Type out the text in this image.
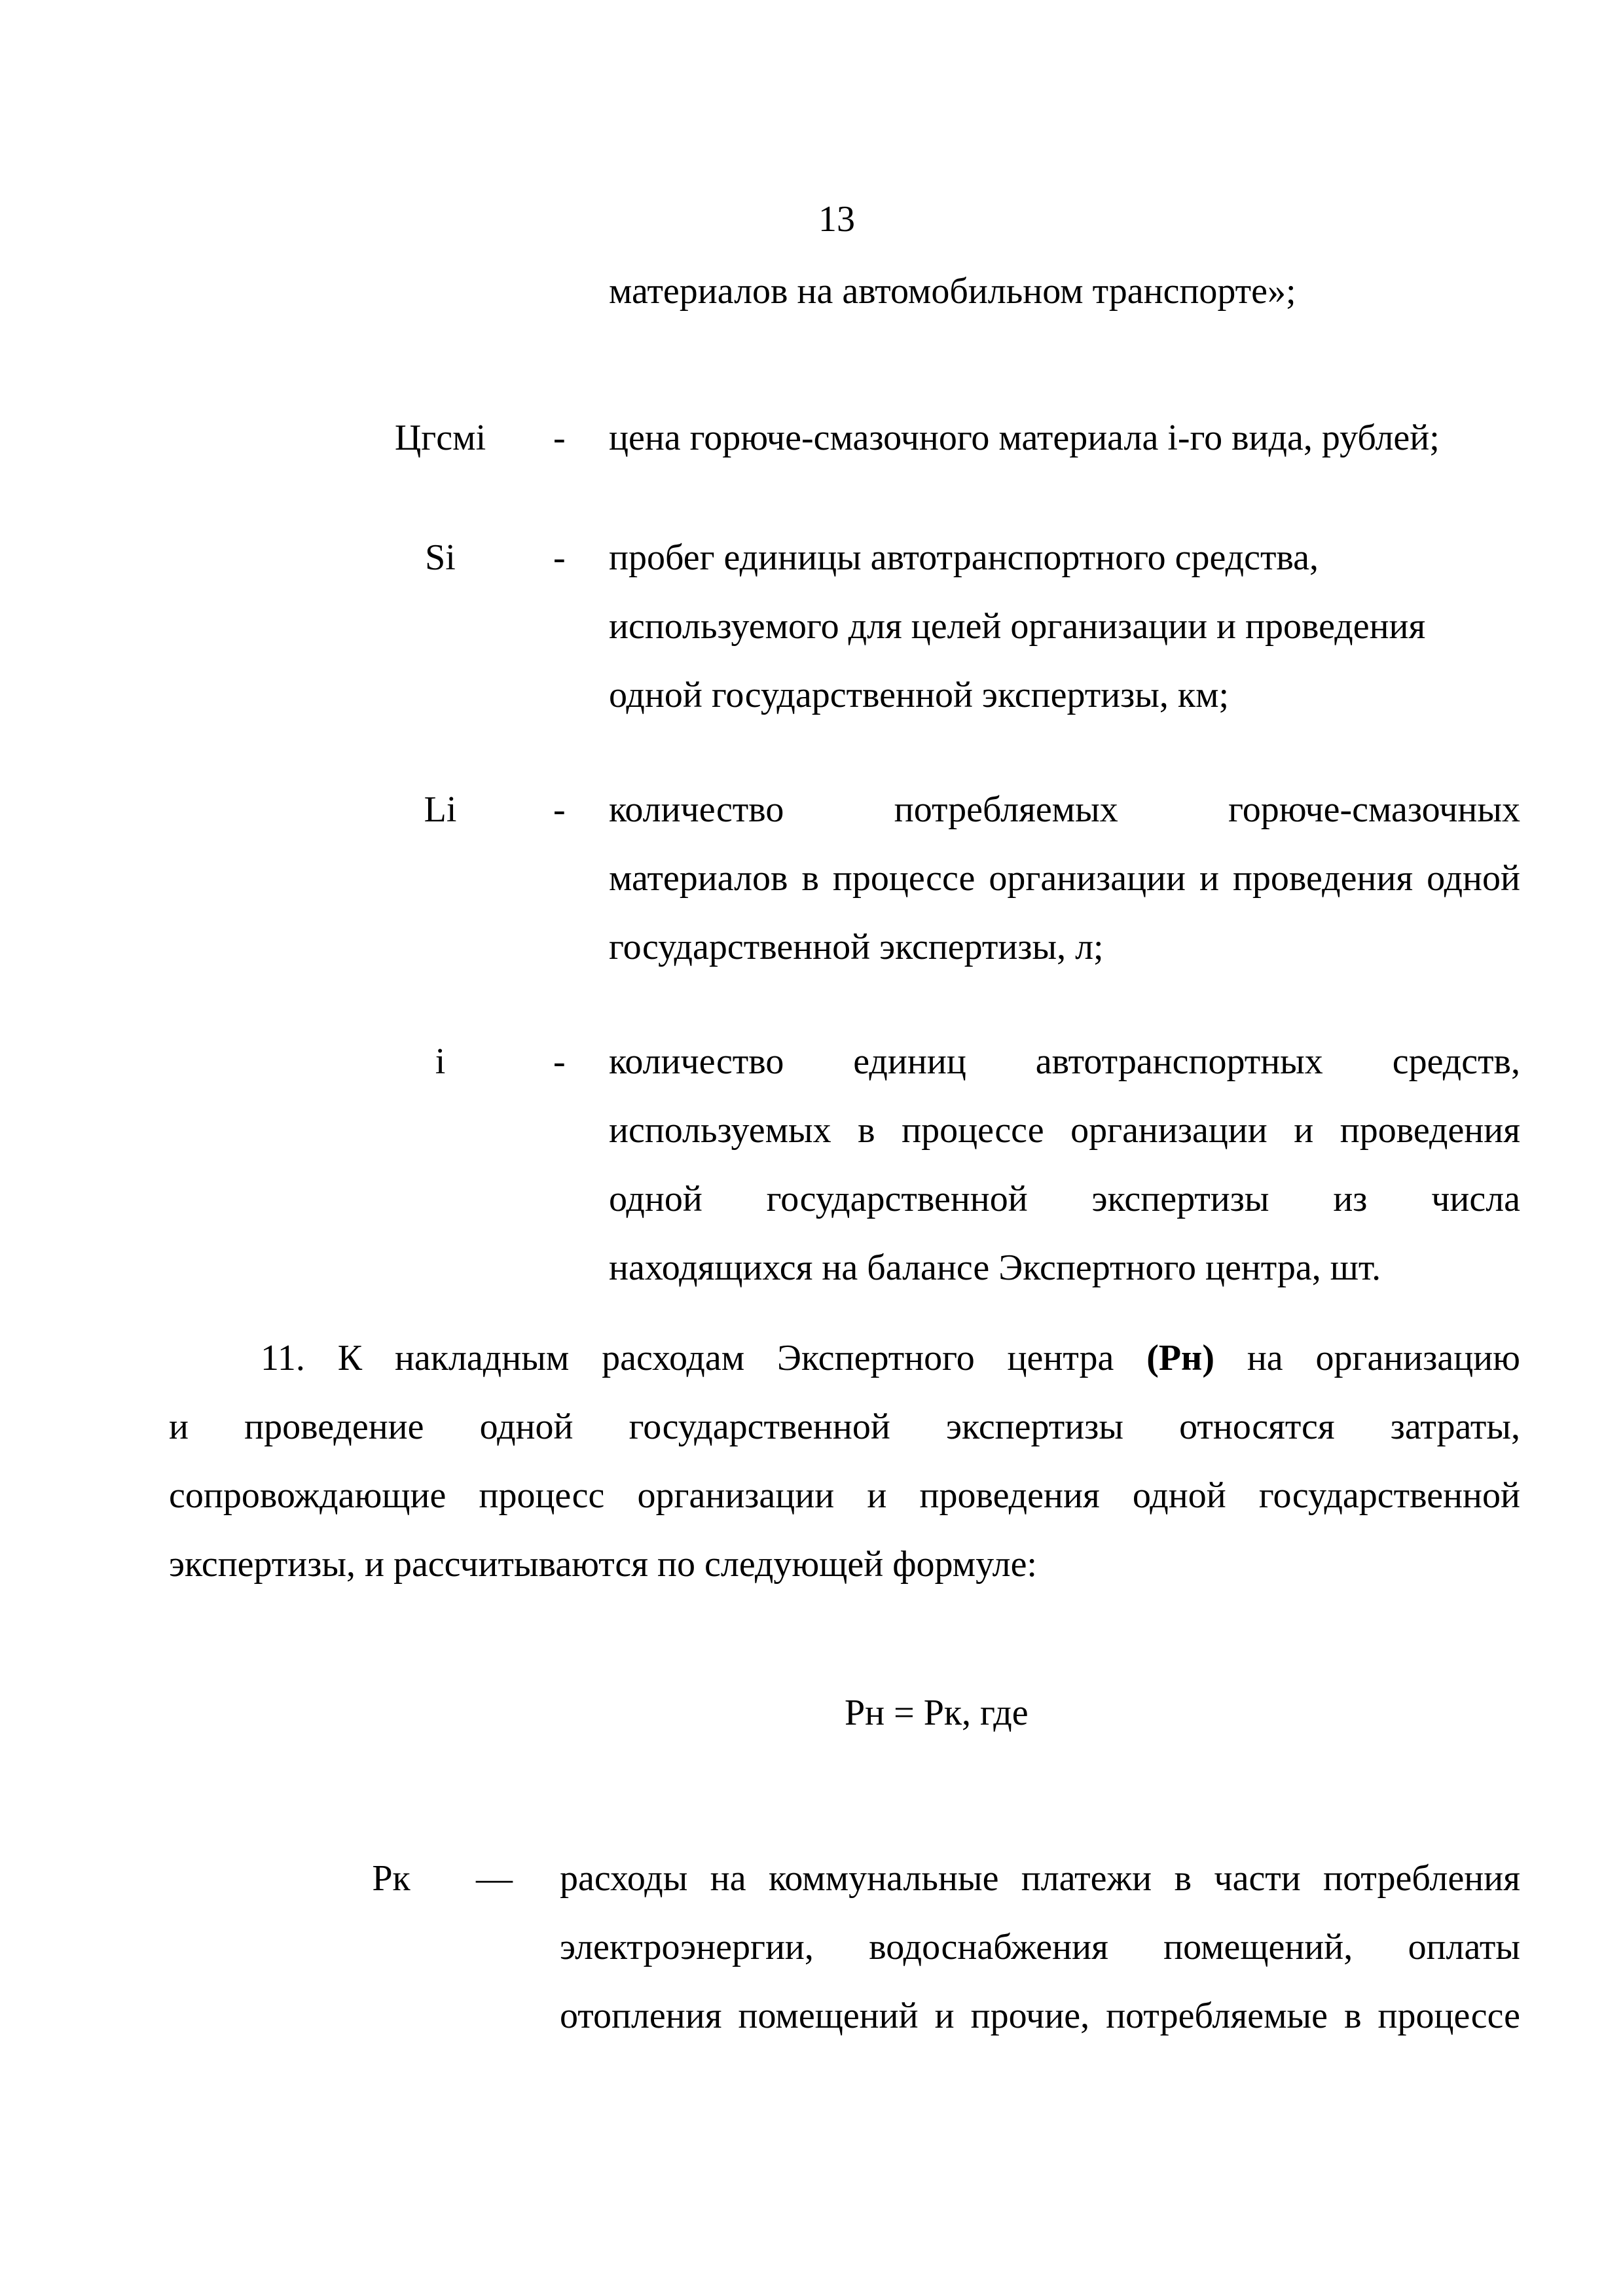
13
материалов на автомобильном транспорте»;
Цгсмi	- цена горюче-смазочного материала i-го вида, рублей;
Si	- пробег единицы автотранспортного средства,
используемого для целей организации и проведения
одной государственной экспертизы, км;
Li	- количество потребляемых горюче-смазочных
материалов в процессе организации и проведения одной
государственной экспертизы, л;
i	- количество единиц автотранспортных средств,
используемых в процессе организации и проведения
одной государственной экспертизы из числа
находящихся на балансе Экспертного центра, шт.
11. К накладным расходам Экспертного центра (Рн) на организацию
и проведение одной государственной экспертизы относятся затраты,
сопровождающие процесс организации и проведения одной государственной
экспертизы, и рассчитываются по следующей формуле:
Рн = Рк, где
Рк	— расходы на коммунальные платежи в части потребления
электроэнергии, водоснабжения помещений, оплаты
отопления помещений и прочие, потребляемые в процессе
